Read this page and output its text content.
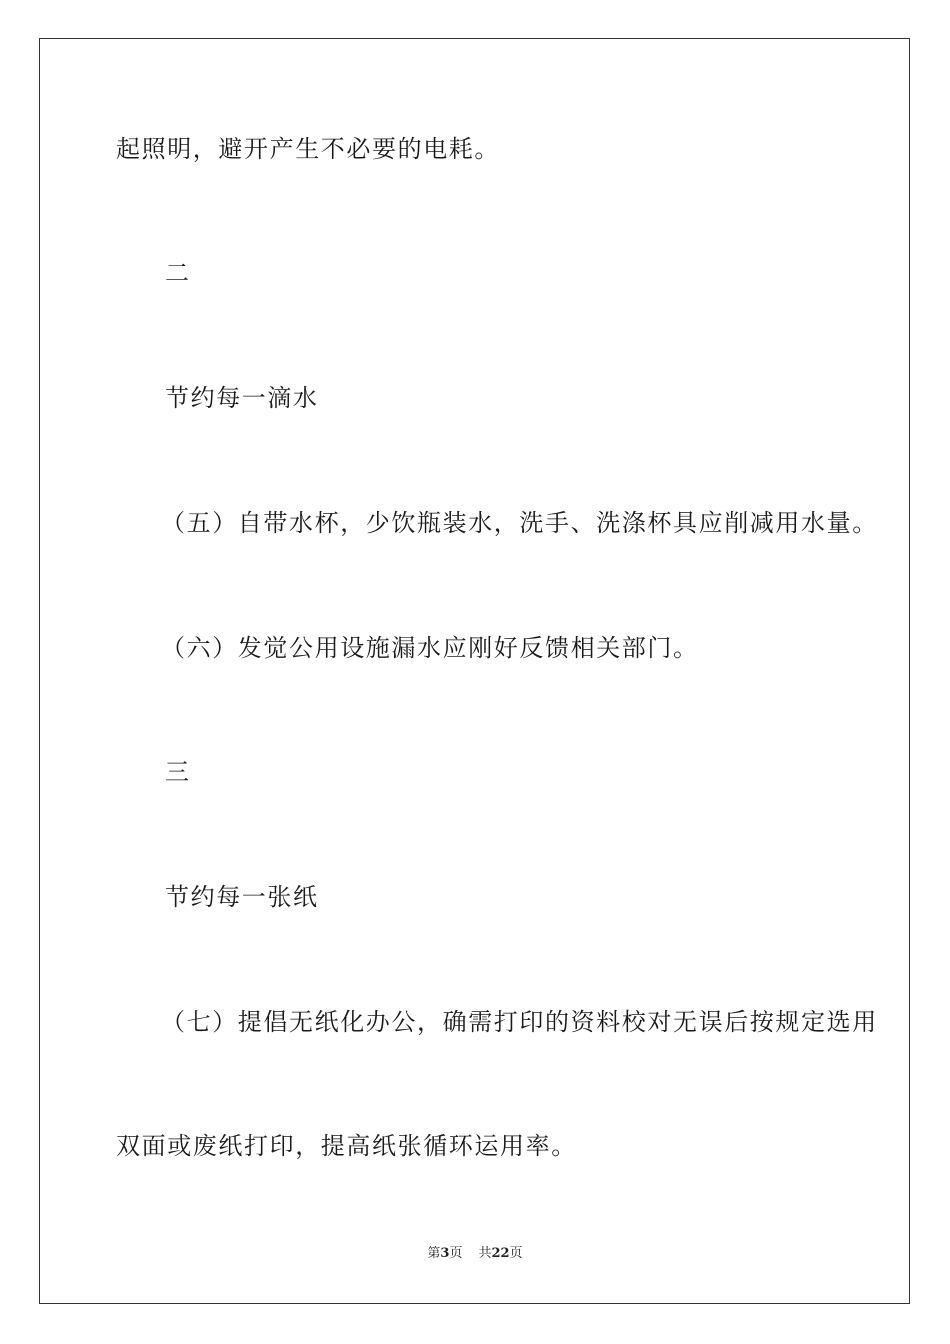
起照明，避开产生不必要的电耗。
二
节约每一滴水
（五）自带水杯，少饮瓶装水，洗手、洗涤杯具应削减用水量。
（六）发觉公用设施漏水应刚好反馈相关部门。
三
节约每一张纸
（七）提倡无纸化办公，确需打印的资料校对无误后按规定选用
双面或废纸打印，提高纸张循环运用率。
第3页 共22页
